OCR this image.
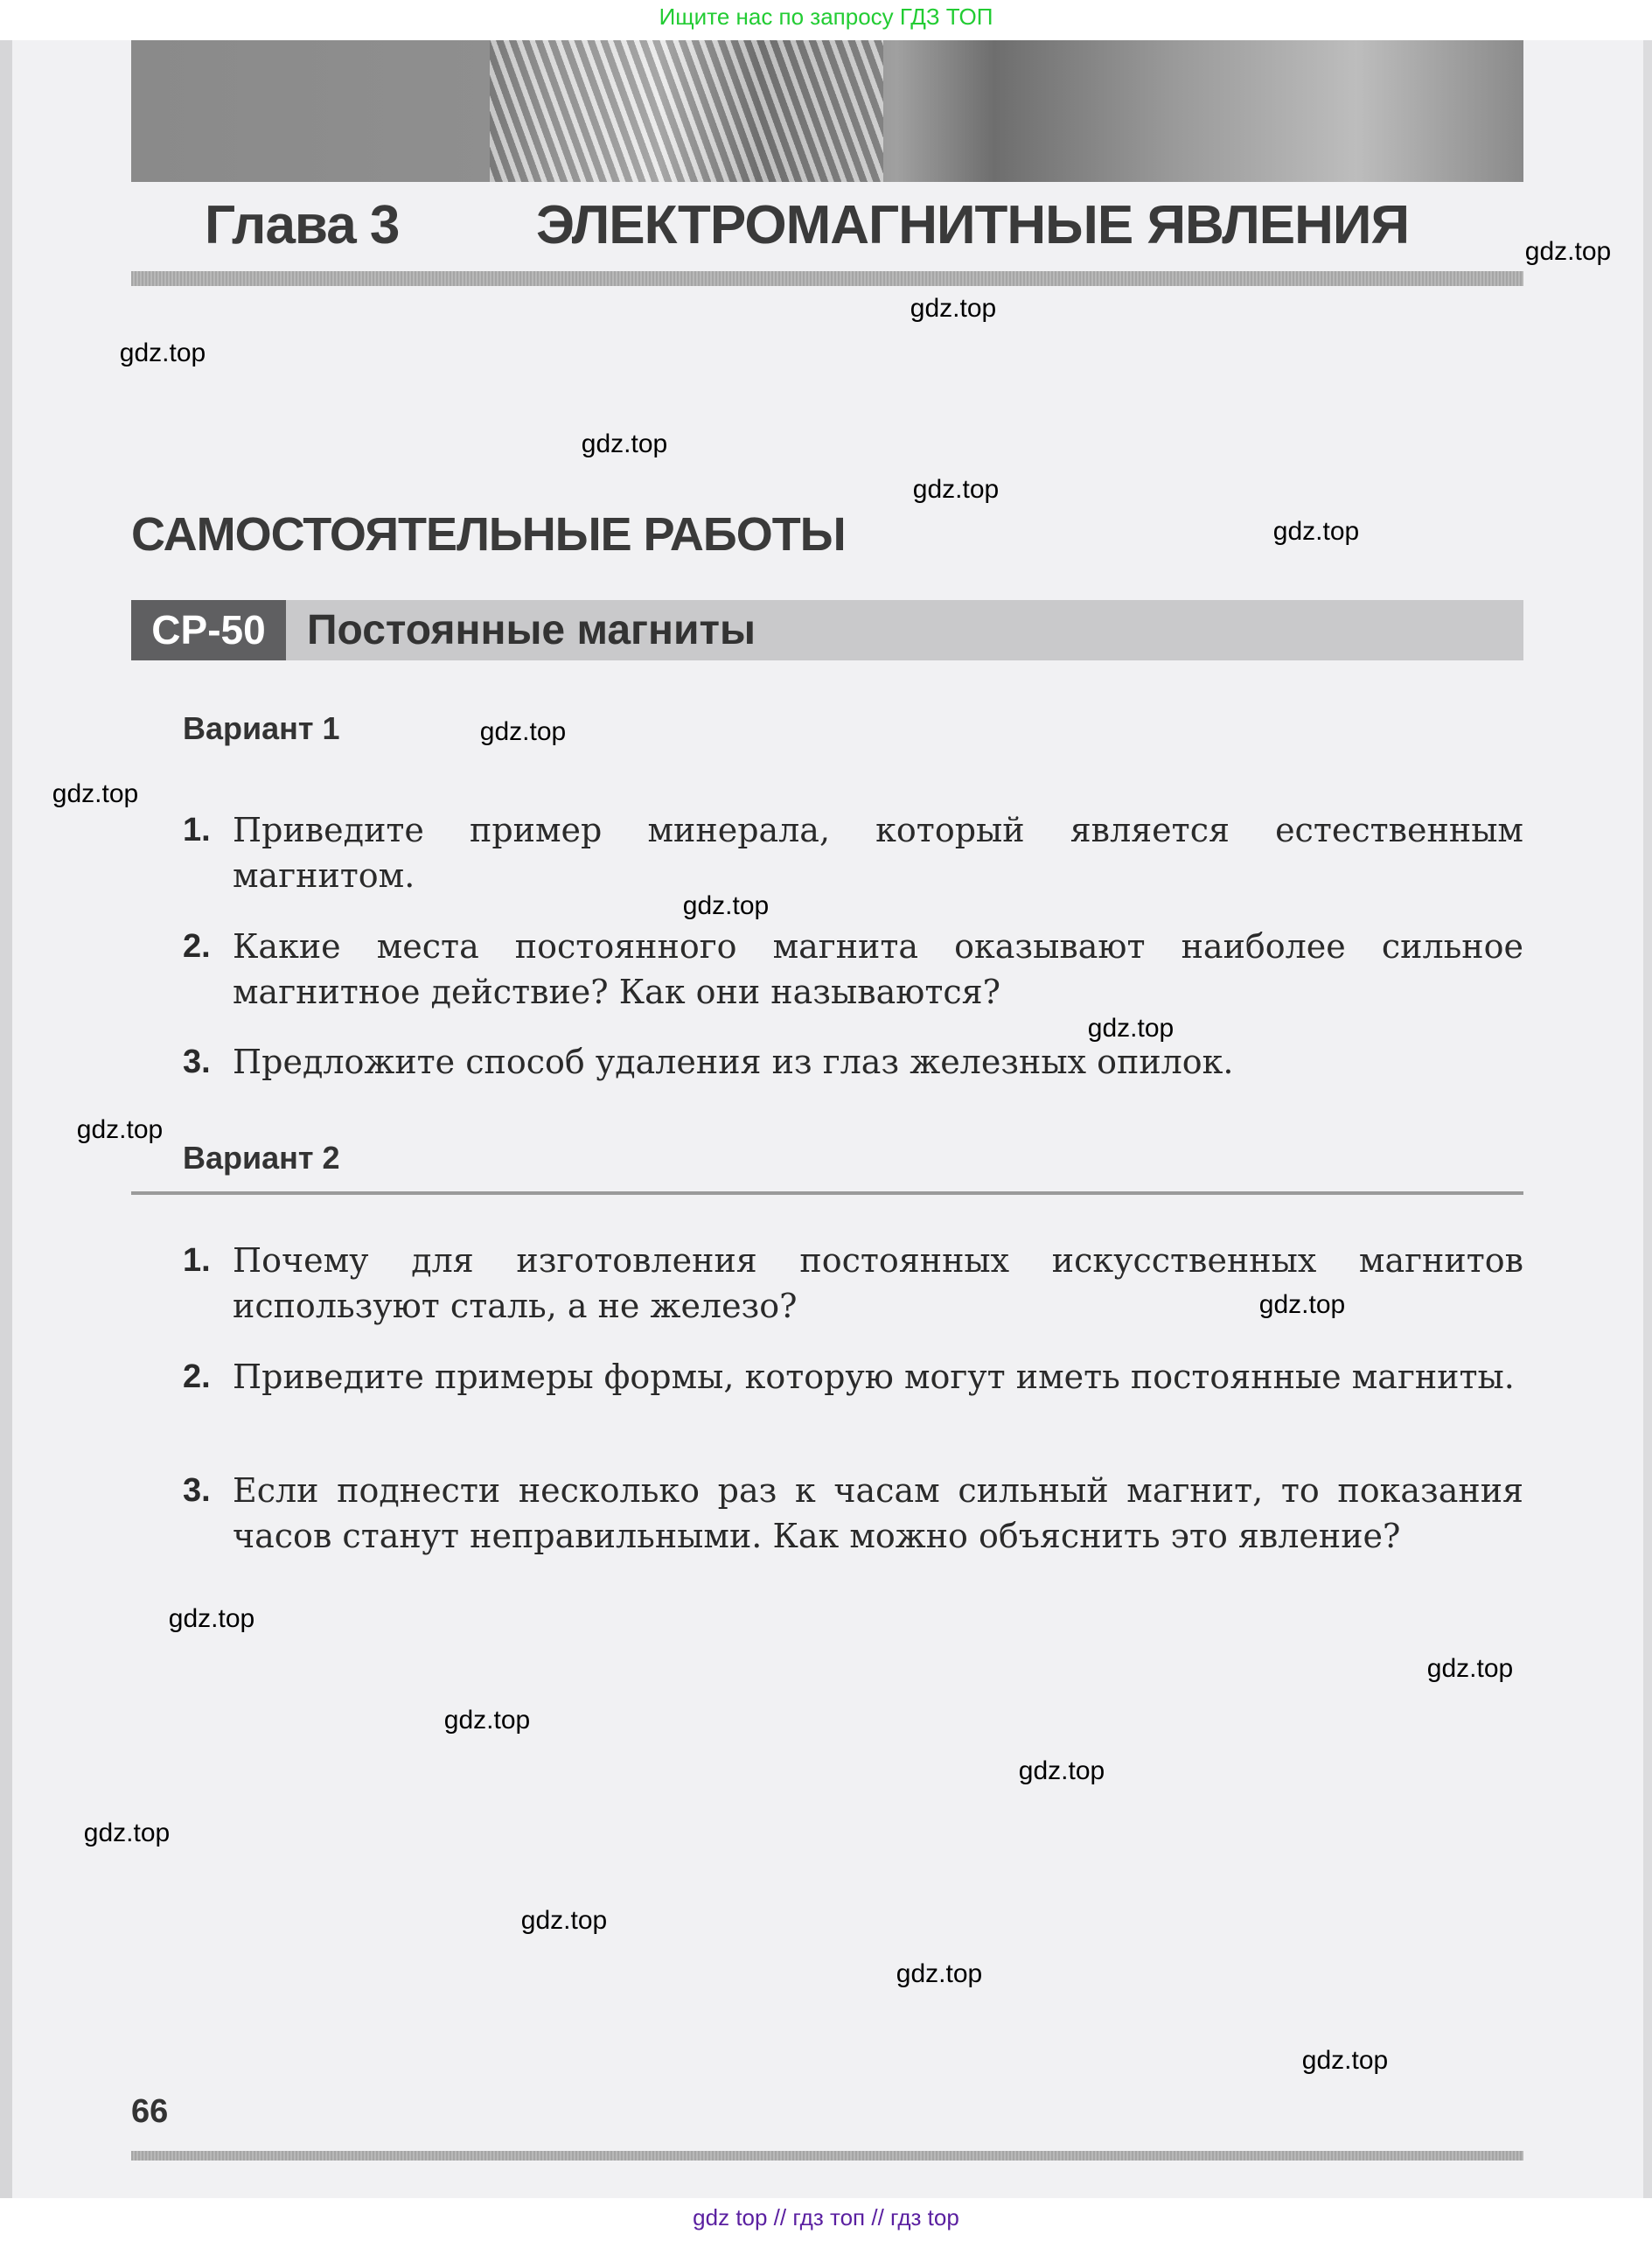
Ищите нас по запросу ГДЗ ТОП
Глава 3	ЭЛЕКТРОМАГНИТНЫЕ ЯВЛЕНИЯ
САМОСТОЯТЕЛЬНЫЕ РАБОТЫ
СР-50 Постоянные магниты
Вариант 1
1. Приведите пример минерала, который является естественным магнитом.
2. Какие места постоянного магнита оказывают наиболее сильное магнитное действие? Как они называются?
3. Предложите способ удаления из глаз железных опилок.
Вариант 2
1. Почему для изготовления постоянных искусственных магнитов используют сталь, а не железо?
2. Приведите примеры формы, которую могут иметь постоянные магниты.
3. Если поднести несколько раз к часам сильный магнит, то показания часов станут неправильными. Как можно объяснить это явление?
66
gdz top // гдз топ // гдз top
gdz.top
gdz.top
gdz.top
gdz.top
gdz.top
gdz.top
gdz.top
gdz.top
gdz.top
gdz.top
gdz.top
gdz.top
gdz.top
gdz.top
gdz.top
gdz.top
gdz.top
gdz.top
gdz.top
gdz.top
